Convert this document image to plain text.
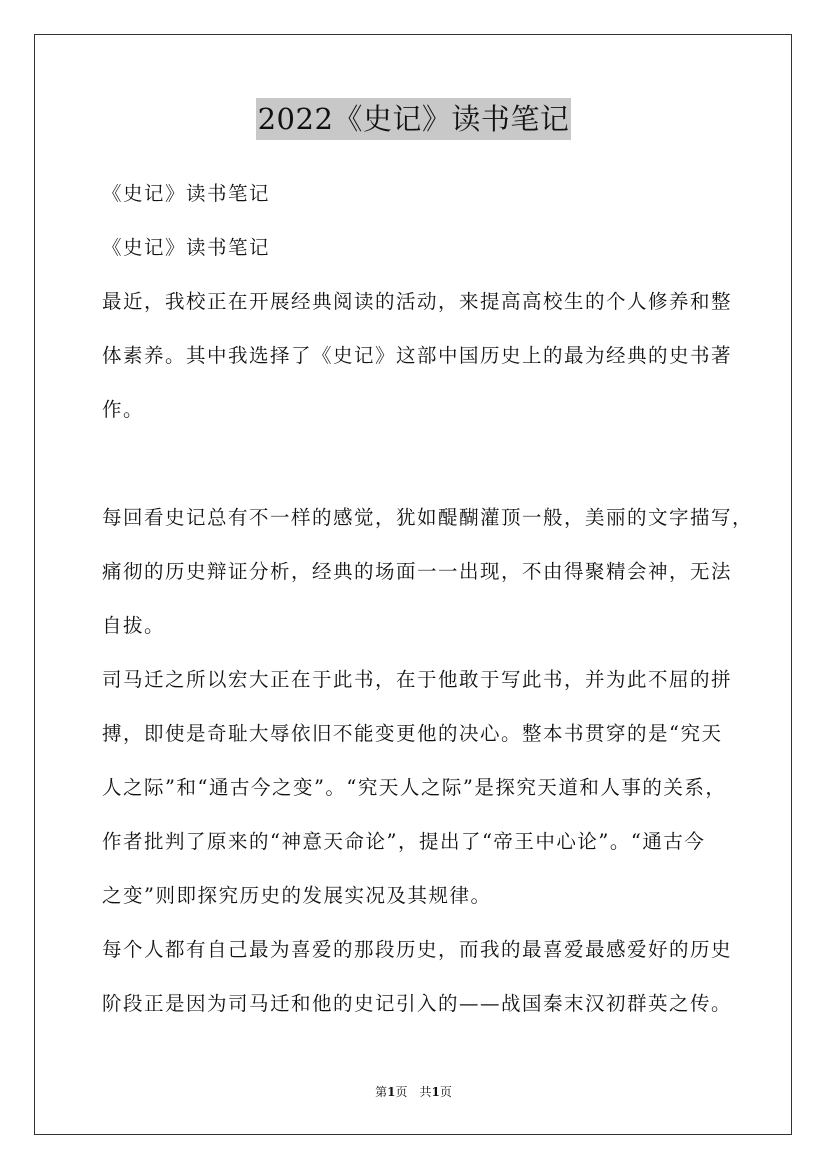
2022《史记》读书笔记
《史记》读书笔记
《史记》读书笔记
最近，我校正在开展经典阅读的活动，来提高高校生的个人修养和整
体素养。其中我选择了《史记》这部中国历史上的最为经典的史书著
作。
每回看史记总有不一样的感觉，犹如醍醐灌顶一般，美丽的文字描写，
痛彻的历史辩证分析，经典的场面一一出现，不由得聚精会神，无法
自拔。
司马迁之所以宏大正在于此书，在于他敢于写此书，并为此不屈的拼
搏，即使是奇耻大辱依旧不能变更他的决心。整本书贯穿的是“究天
人之际”和“通古今之变”。“究天人之际”是探究天道和人事的关系，
作者批判了原来的“神意天命论”，提出了“帝王中心论”。“通古今
之变”则即探究历史的发展实况及其规律。
每个人都有自己最为喜爱的那段历史，而我的最喜爱最感爱好的历史
阶段正是因为司马迁和他的史记引入的——战国秦末汉初群英之传。
第1页　共1页
